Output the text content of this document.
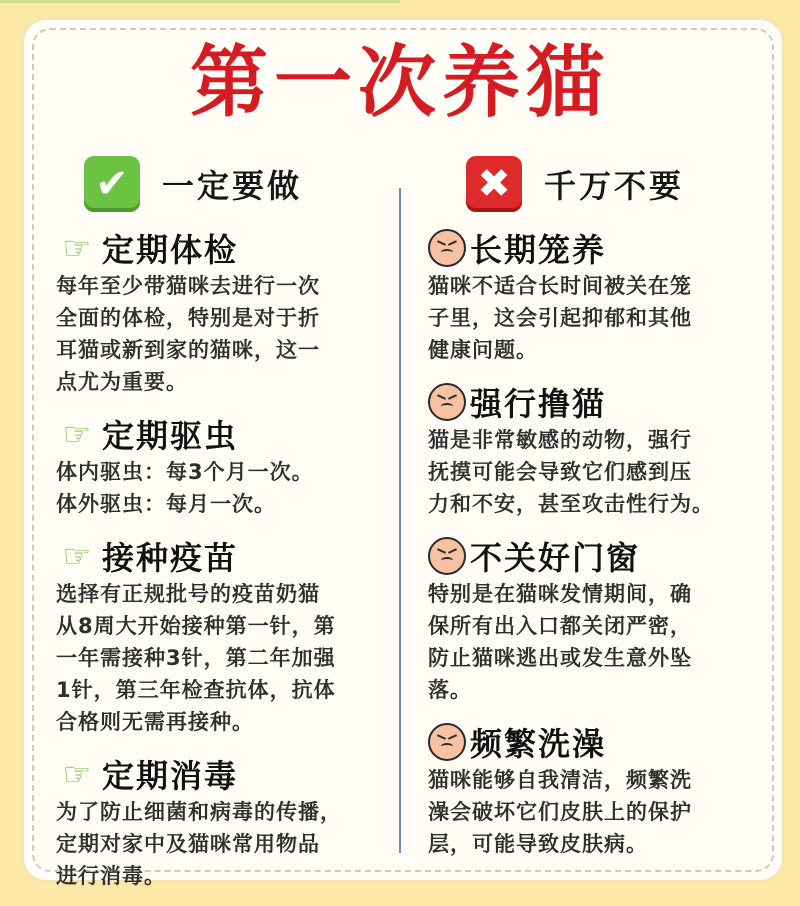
第一次养猫
✔	一定要做	✖	千万不要
☞ 定期体检
每年至少带猫咪去进行一次
全面的体检，特别是对于折
耳猫或新到家的猫咪，这一
点尤为重要。
☞ 定期驱虫
体内驱虫：每3个月一次。
体外驱虫：每月一次。
☞ 接种疫苗
选择有正规批号的疫苗奶猫
从8周大开始接种第一针，第
一年需接种3针，第二年加强
1针，第三年检查抗体，抗体
合格则无需再接种。
☞ 定期消毒
为了防止细菌和病毒的传播，
定期对家中及猫咪常用物品
进行消毒。
长期笼养
猫咪不适合长时间被关在笼
子里，这会引起抑郁和其他
健康问题。
强行撸猫
猫是非常敏感的动物，强行
抚摸可能会导致它们感到压
力和不安，甚至攻击性行为。
不关好门窗
特别是在猫咪发情期间，确
保所有出入口都关闭严密，
防止猫咪逃出或发生意外坠
落。
频繁洗澡
猫咪能够自我清洁，频繁洗
澡会破坏它们皮肤上的保护
层，可能导致皮肤病。
